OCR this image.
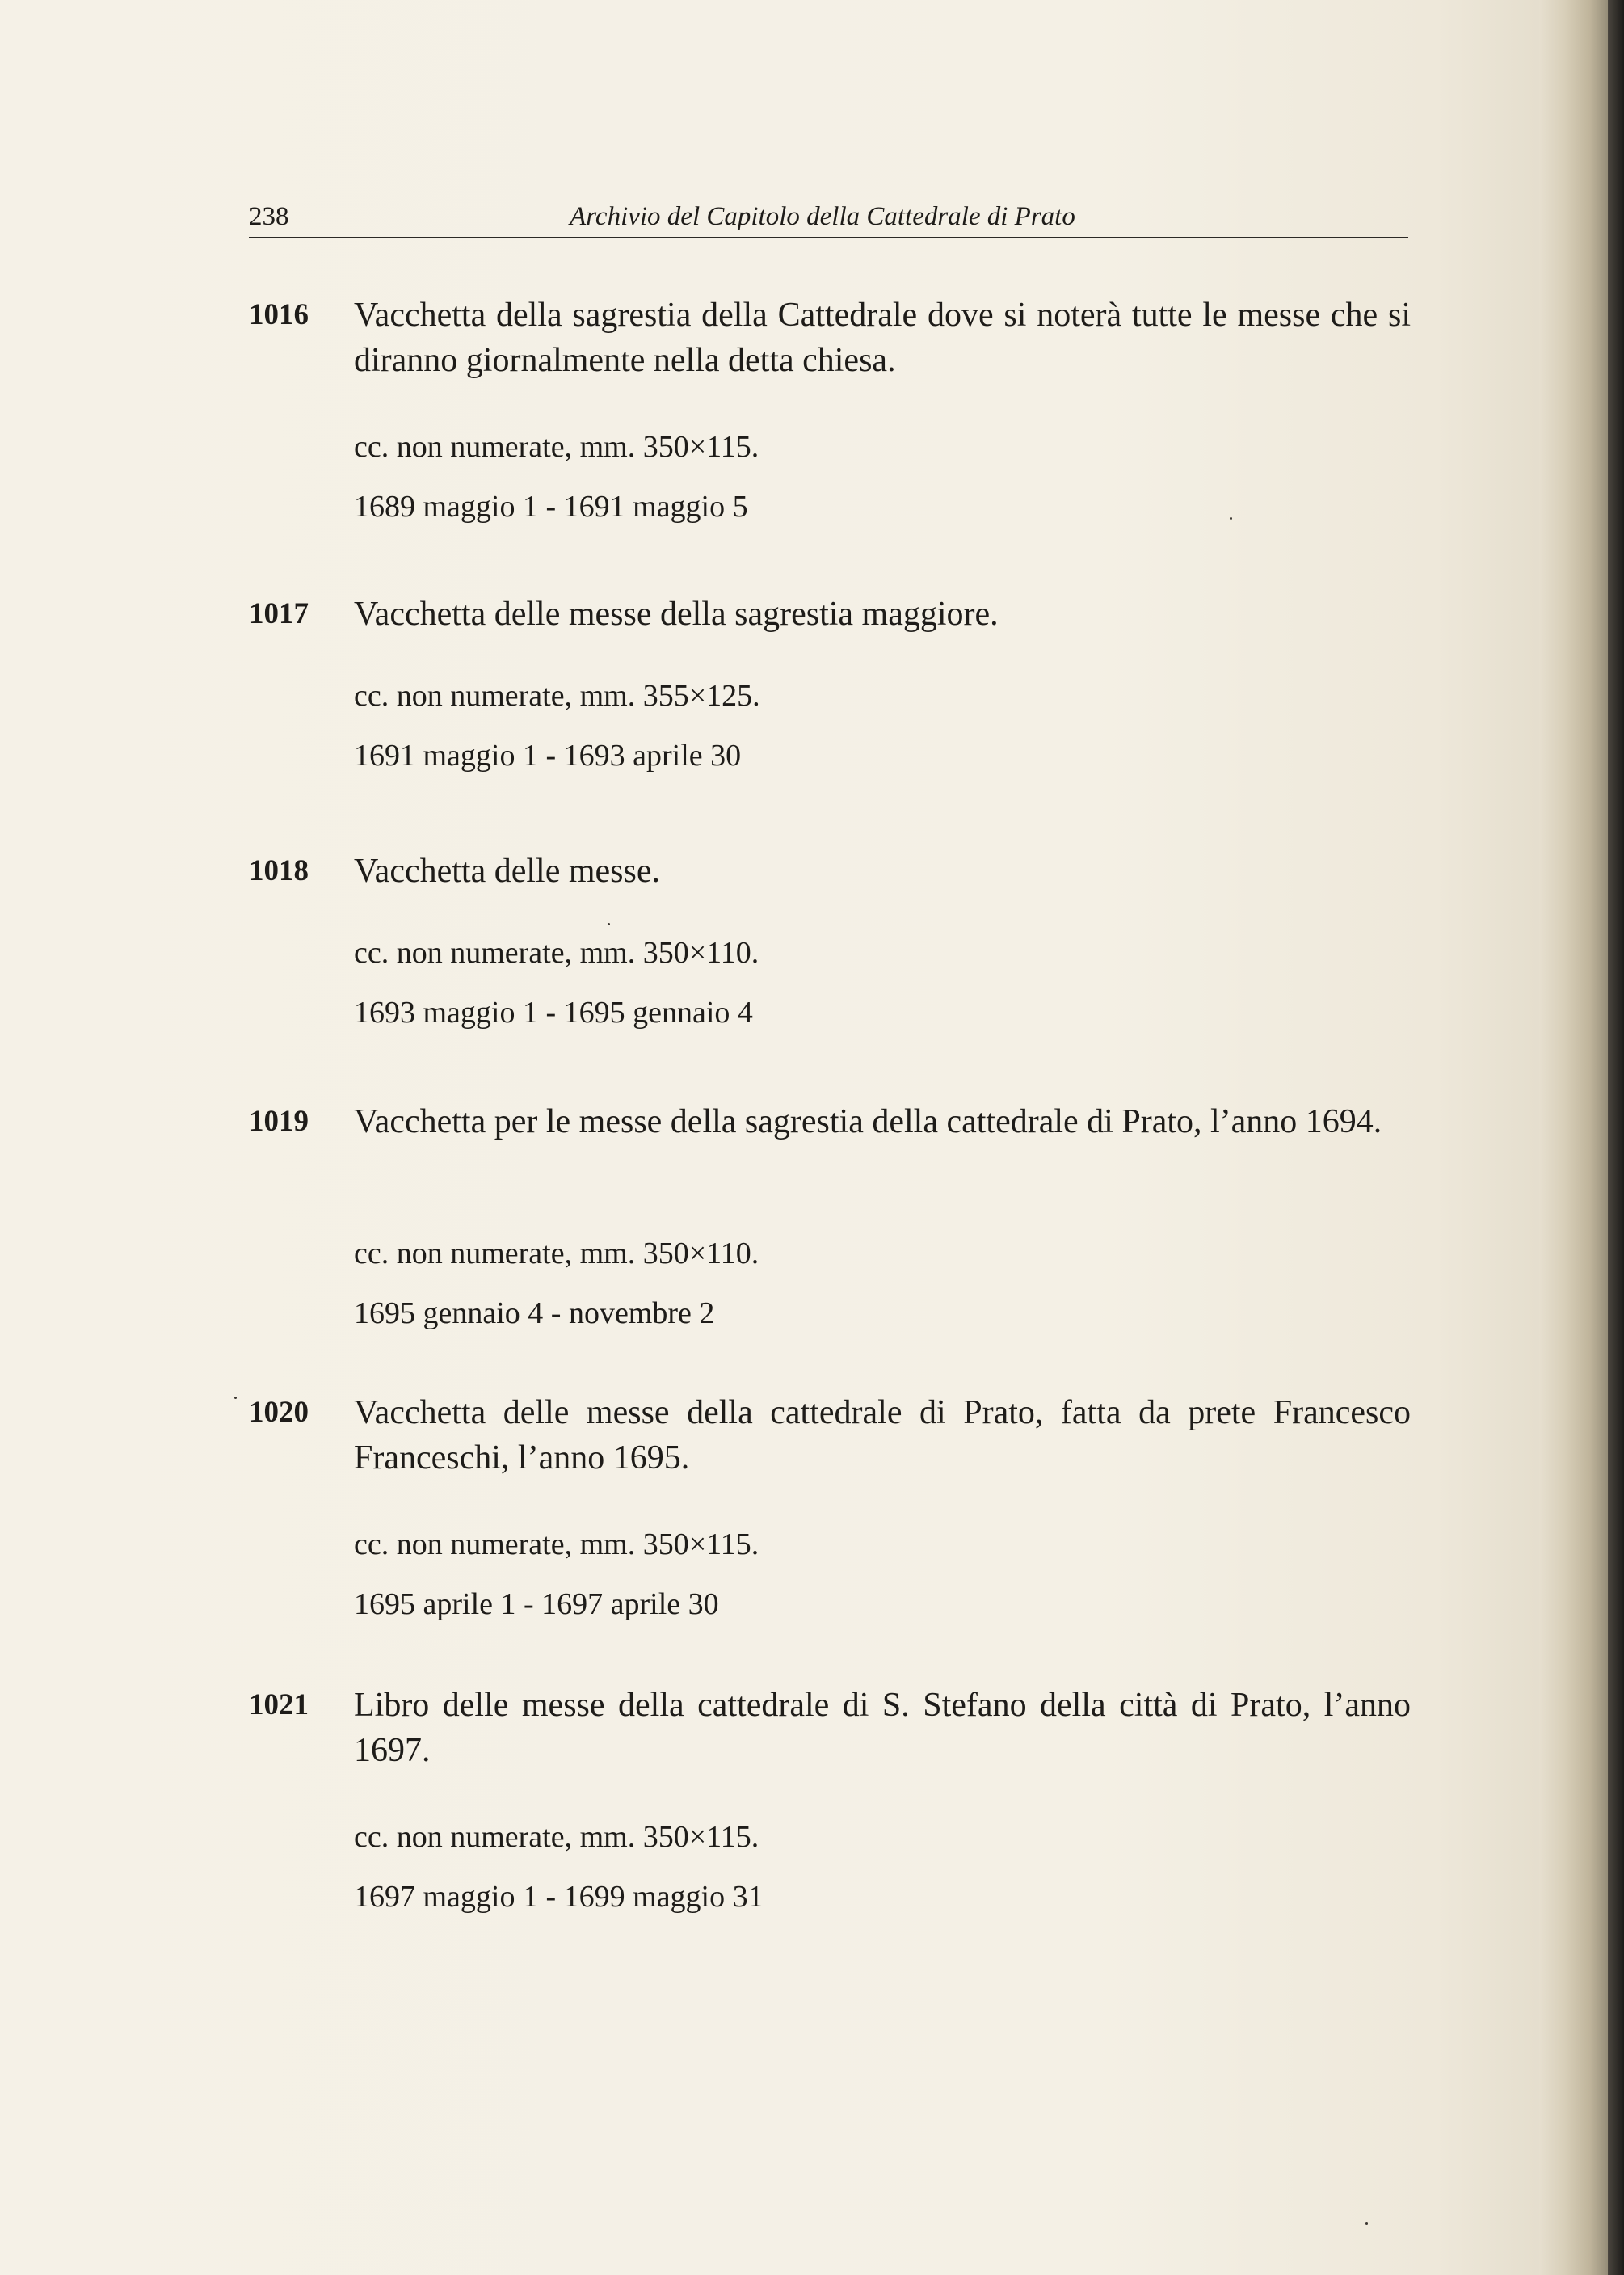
238	Archivio del Capitolo della Cattedrale di Prato
1016 Vacchetta della sagrestia della Cattedrale dove si noterà tutte le messe che si diranno giornalmente nella detta chiesa.
cc. non numerate, mm. 350×115.
1689 maggio 1 - 1691 maggio 5
1017 Vacchetta delle messe della sagrestia maggiore.
cc. non numerate, mm. 355×125.
1691 maggio 1 - 1693 aprile 30
1018 Vacchetta delle messe.
cc. non numerate, mm. 350×110.
1693 maggio 1 - 1695 gennaio 4
1019 Vacchetta per le messe della sagrestia della cattedrale di Prato, l’anno 1694.
cc. non numerate, mm. 350×110.
1695 gennaio 4 - novembre 2
1020 Vacchetta delle messe della cattedrale di Prato, fatta da prete Francesco Franceschi, l’anno 1695.
cc. non numerate, mm. 350×115.
1695 aprile 1 - 1697 aprile 30
1021 Libro delle messe della cattedrale di S. Stefano della città di Prato, l’anno 1697.
cc. non numerate, mm. 350×115.
1697 maggio 1 - 1699 maggio 31
